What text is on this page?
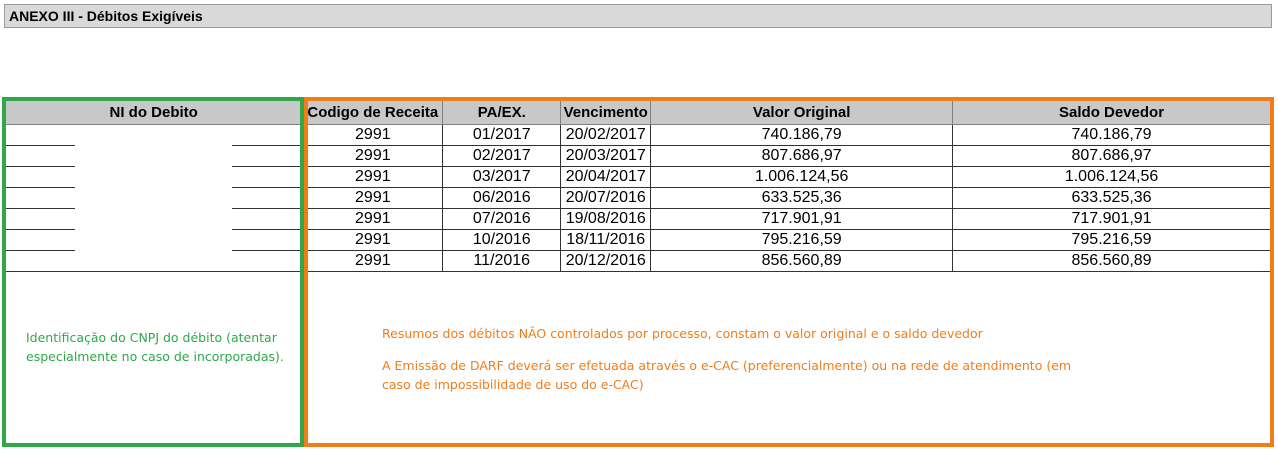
ANEXO III - Débitos Exigíveis
NI do Debito	Codigo de Receita	PA/EX.	Vencimento	Valor Original	Saldo Devedor

	2991	01/2017	20/02/2017	740.186,79	740.186,79

	2991	02/2017	20/03/2017	807.686,97	807.686,97

	2991	03/2017	20/04/2017	1.006.124,56	1.006.124,56

	2991	06/2016	20/07/2016	633.525,36	633.525,36

	2991	07/2016	19/08/2016	717.901,91	717.901,91

	2991	10/2016	18/11/2016	795.216,59	795.216,59
	2991	11/2016	20/12/2016	856.560,89	856.560,89
Identificação do CNPJ do débito (atentar especialmente no caso de incorporadas).

Resumos dos débitos NÃO controlados por processo, constam o valor original e o saldo devedor

A Emissão de DARF deverá ser efetuada através o e-CAC (preferencialmente) ou na rede de atendimento (em caso de impossibilidade de uso do e-CAC)
